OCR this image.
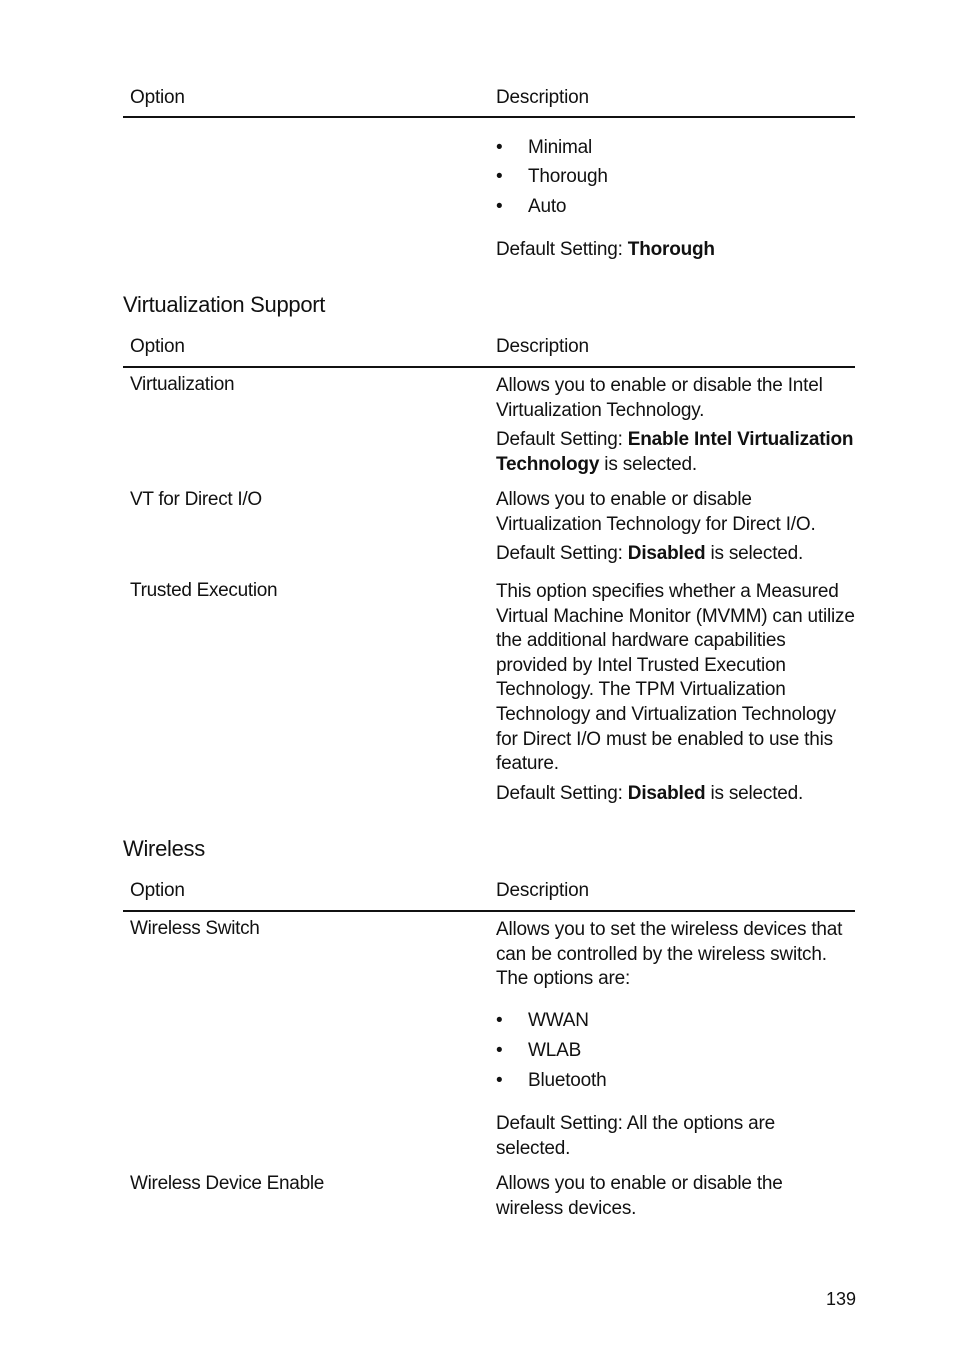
Option	Description
• Minimal
• Thorough
• Auto
Default Setting: Thorough
Virtualization Support
Option	Description
Virtualization	Allows you to enable or disable the Intel Virtualization Technology.
Default Setting: Enable Intel Virtualization Technology is selected.
VT for Direct I/O	Allows you to enable or disable Virtualization Technology for Direct I/O.
Default Setting: Disabled is selected.
Trusted Execution	This option specifies whether a Measured Virtual Machine Monitor (MVMM) can utilize the additional hardware capabilities provided by Intel Trusted Execution Technology. The TPM Virtualization Technology and Virtualization Technology for Direct I/O must be enabled to use this feature.
Default Setting: Disabled is selected.
Wireless
Option	Description
Wireless Switch	Allows you to set the wireless devices that can be controlled by the wireless switch. The options are:
• WWAN
• WLAB
• Bluetooth
Default Setting: All the options are selected.
Wireless Device Enable	Allows you to enable or disable the wireless devices.
139
